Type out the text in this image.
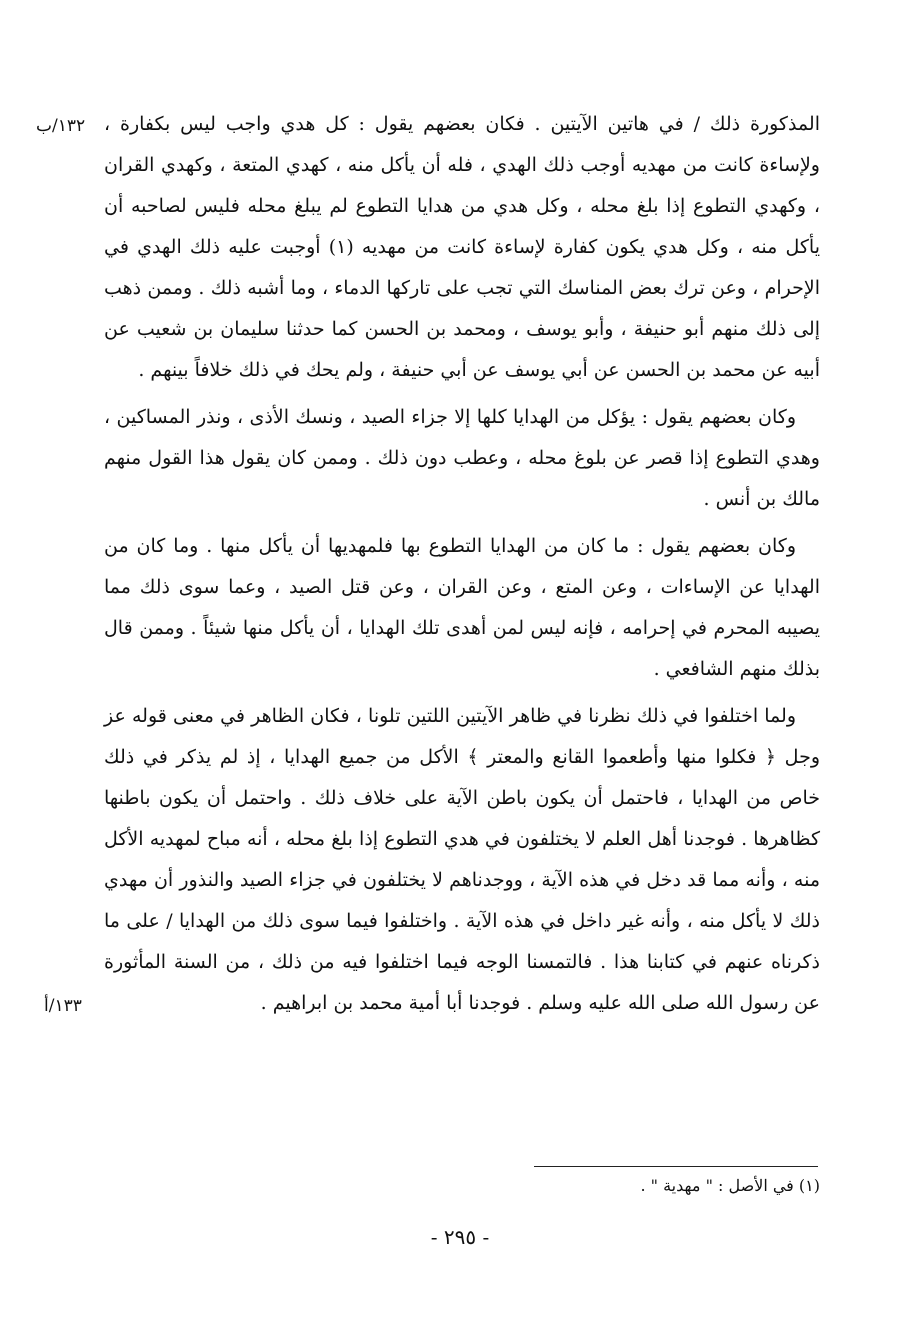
١٣٢/ب
١٣٣/أ

المذكورة ذلك / في هاتين الآيتين . فكان بعضهم يقول : كل هدي واجب ليس بكفارة ، ولإساءة كانت من مهديه أوجب ذلك الهدي ، فله أن يأكل منه ، كهدي المتعة ، وكهدي القران ، وكهدي التطوع إذا بلغ محله ، وكل هدي من هدايا التطوع لم يبلغ محله فليس لصاحبه أن يأكل منه ، وكل هدي يكون كفارة لإساءة كانت من مهديه (١) أوجبت عليه ذلك الهدي في الإحرام ، وعن ترك بعض المناسك التي تجب على تاركها الدماء ، وما أشبه ذلك . وممن ذهب إلى ذلك منهم أبو حنيفة ، وأبو يوسف ، ومحمد بن الحسن كما حدثنا سليمان بن شعيب عن أبيه عن محمد بن الحسن عن أبي يوسف عن أبي حنيفة ، ولم يحك في ذلك خلافاً بينهم .

وكان بعضهم يقول : يؤكل من الهدايا كلها إلا جزاء الصيد ، ونسك الأذى ، ونذر المساكين ، وهدي التطوع إذا قصر عن بلوغ محله ، وعطب دون ذلك . وممن كان يقول هذا القول منهم مالك بن أنس .

وكان بعضهم يقول : ما كان من الهدايا التطوع بها فلمهديها أن يأكل منها . وما كان من الهدايا عن الإساءات ، وعن المتع ، وعن القران ، وعن قتل الصيد ، وعما سوى ذلك مما يصيبه المحرم في إحرامه ، فإنه ليس لمن أهدى تلك الهدايا ، أن يأكل منها شيئاً . وممن قال بذلك منهم الشافعي .

ولما اختلفوا في ذلك نظرنا في ظاهر الآيتين اللتين تلونا ، فكان الظاهر في معنى قوله عز وجل ﴿ فكلوا منها وأطعموا القانع والمعتر ﴾ الأكل من جميع الهدايا ، إذ لم يذكر في ذلك خاص من الهدايا ، فاحتمل أن يكون باطن الآية على خلاف ذلك . واحتمل أن يكون باطنها كظاهرها . فوجدنا أهل العلم لا يختلفون في هدي التطوع إذا بلغ محله ، أنه مباح لمهديه الأكل منه ، وأنه مما قد دخل في هذه الآية ، ووجدناهم لا يختلفون في جزاء الصيد والنذور أن مهدي ذلك لا يأكل منه ، وأنه غير داخل في هذه الآية . واختلفوا فيما سوى ذلك من الهدايا / على ما ذكرناه عنهم في كتابنا هذا . فالتمسنا الوجه فيما اختلفوا فيه من ذلك ، من السنة المأثورة عن رسول الله صلى الله عليه وسلم . فوجدنا أبا أمية محمد بن ابراهيم .

(١) في الأصل : " مهدية " .
- ٢٩٥ -
